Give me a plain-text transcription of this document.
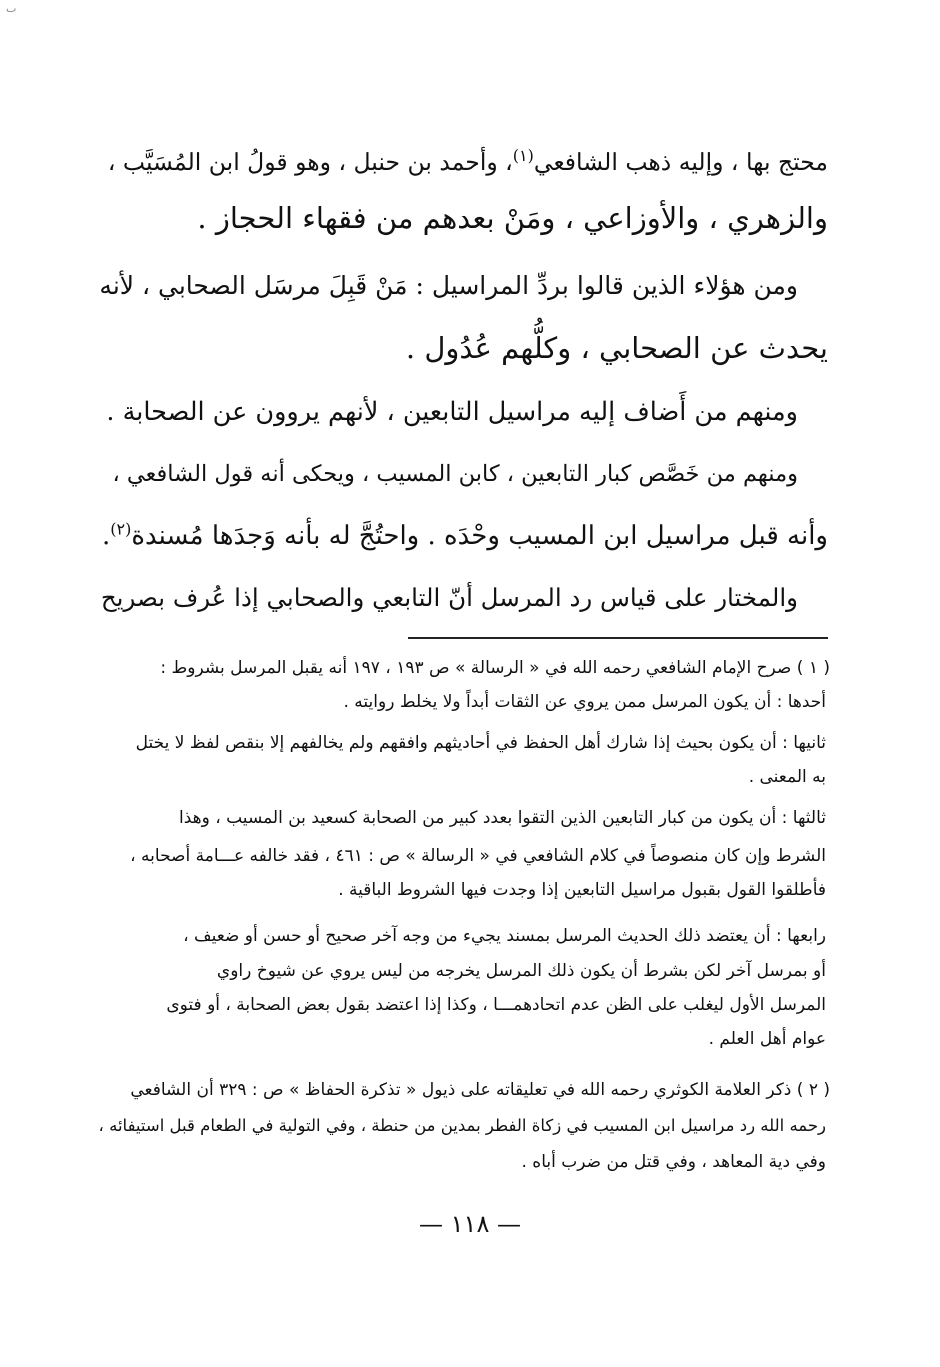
ٮ
محتج بها ، وإليه ذهب الشافعي$^{(١)}$، وأحمد بن حنبل ، وهو قولُ ابن المُسَيَّب ،
والزهري ، والأوزاعي ، ومَنْ بعدهم من فقهاء الحجاز .
ومن هؤلاء الذين قالوا بردِّ المراسيل : مَنْ قَبِلَ مرسَل الصحابي ، لأنه
يحدث عن الصحابي ، وكلُّهم عُدُول .
ومنهم من أَضاف إليه مراسيل التابعين ، لأنهم يروون عن الصحابة .
ومنهم من خَصَّص كبار التابعين ، كابن المسيب ، ويحكى أنه قول الشافعي ،
وأنه قبل مراسيل ابن المسيب وحْدَه . واحتُجَّ له بأنه وَجدَها مُسندة$^{(٢)}$.
والمختار على قياس رد المرسل أنّ التابعي والصحابي إذا عُرف بصريح
( ١ ) صرح الإمام الشافعي رحمه الله في « الرسالة » ص ١٩٣ ، ١٩٧ أنه يقبل المرسل بشروط :
أحدها : أن يكون المرسل ممن يروي عن الثقات أبداً ولا يخلط روايته .
ثانيها : أن يكون بحيث إذا شارك أهل الحفظ في أحاديثهم وافقهم ولم يخالفهم إلا بنقص لفظ لا يختل
به المعنى .
ثالثها : أن يكون من كبار التابعين الذين التقوا بعدد كبير من الصحابة كسعيد بن المسيب ، وهذا
الشرط وإن كان منصوصاً في كلام الشافعي في « الرسالة » ص : ٤٦١ ، فقد خالفه عـــامة أصحابه ،
فأطلقوا القول بقبول مراسيل التابعين إذا وجدت فيها الشروط الباقية .
رابعها : أن يعتضد ذلك الحديث المرسل بمسند يجيء من وجه آخر صحيح أو حسن أو ضعيف ،
أو بمرسل آخر لكن بشرط أن يكون ذلك المرسل يخرجه من ليس يروي عن شيوخ راوي
المرسل الأول ليغلب على الظن عدم اتحادهمـــا ، وكذا إذا اعتضد بقول بعض الصحابة ، أو فتوى
عوام أهل العلم .
( ٢ ) ذكر العلامة الكوثري رحمه الله في تعليقاته على ذيول « تذكرة الحفاظ » ص : ٣٢٩ أن الشافعي
رحمه الله رد مراسيل ابن المسيب في زكاة الفطر بمدين من حنطة ، وفي التولية في الطعام قبل استيفائه ،
وفي دية المعاهد ، وفي قتل من ضرب أباه .
— ١١٨ —
